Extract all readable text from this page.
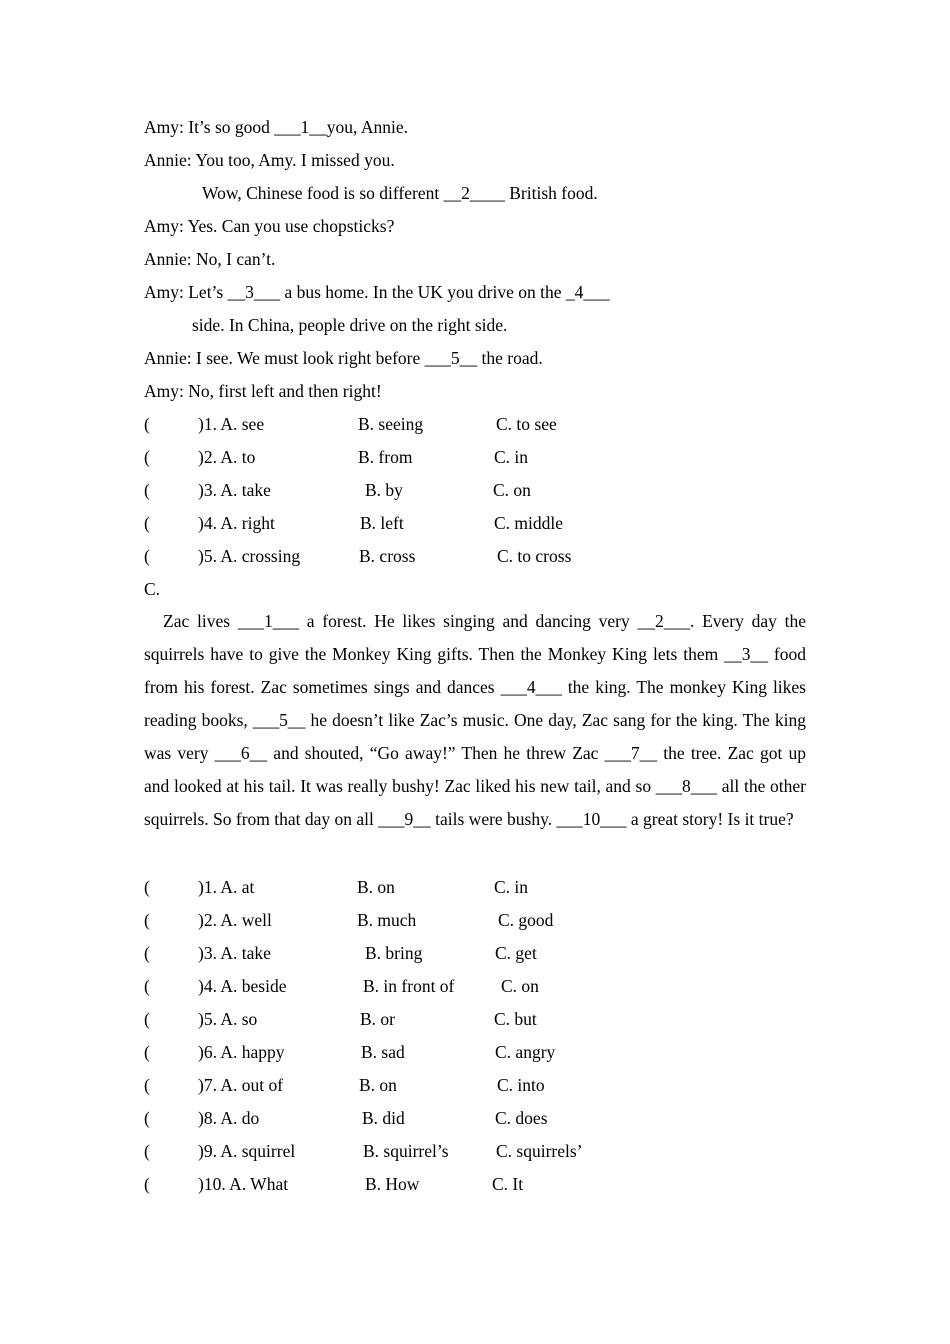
Amy: It’s so good ___1__you, Annie.
Annie: You too, Amy. I missed you.
Wow, Chinese food is so different __2____ British food.
Amy: Yes. Can you use chopsticks?
Annie: No, I can’t.
Amy: Let’s __3___ a bus home. In the UK you drive on the _4___
side. In China, people drive on the right side.
Annie: I see. We must look right before ___5__ the road.
Amy: No, first left and then right!
(	)1. A. see	B. seeing	C. to see
(	)2. A. to	B. from	C. in
(	)3. A. take	B. by	C. on
(	)4. A. right	B. left	C. middle
(	)5. A. crossing	B. cross	C. to cross
C.
Zac lives ___1___ a forest. He likes singing and dancing very __2___. Every day the squirrels have to give the Monkey King gifts. Then the Monkey King lets them __3__ food from his forest. Zac sometimes sings and dances ___4___ the king. The monkey King likes reading books, ___5__ he doesn’t like Zac’s music. One day, Zac sang for the king. The king was very ___6__ and shouted, “Go away!” Then he threw Zac ___7__ the tree. Zac got up and looked at his tail. It was really bushy! Zac liked his new tail, and so ___8___ all the other squirrels. So from that day on all ___9__ tails were bushy. ___10___ a great story! Is it true?
(	)1. A. at	B. on	C. in
(	)2. A. well	B. much	C. good
(	)3. A. take	B. bring	C. get
(	)4. A. beside	B. in front of	C. on
(	)5. A. so	B. or	C. but
(	)6. A. happy	B. sad	C. angry
(	)7. A. out of	B. on	C. into
(	)8. A. do	B. did	C. does
(	)9. A. squirrel	B. squirrel’s	C. squirrels’
(	)10. A. What	B. How	C. It
